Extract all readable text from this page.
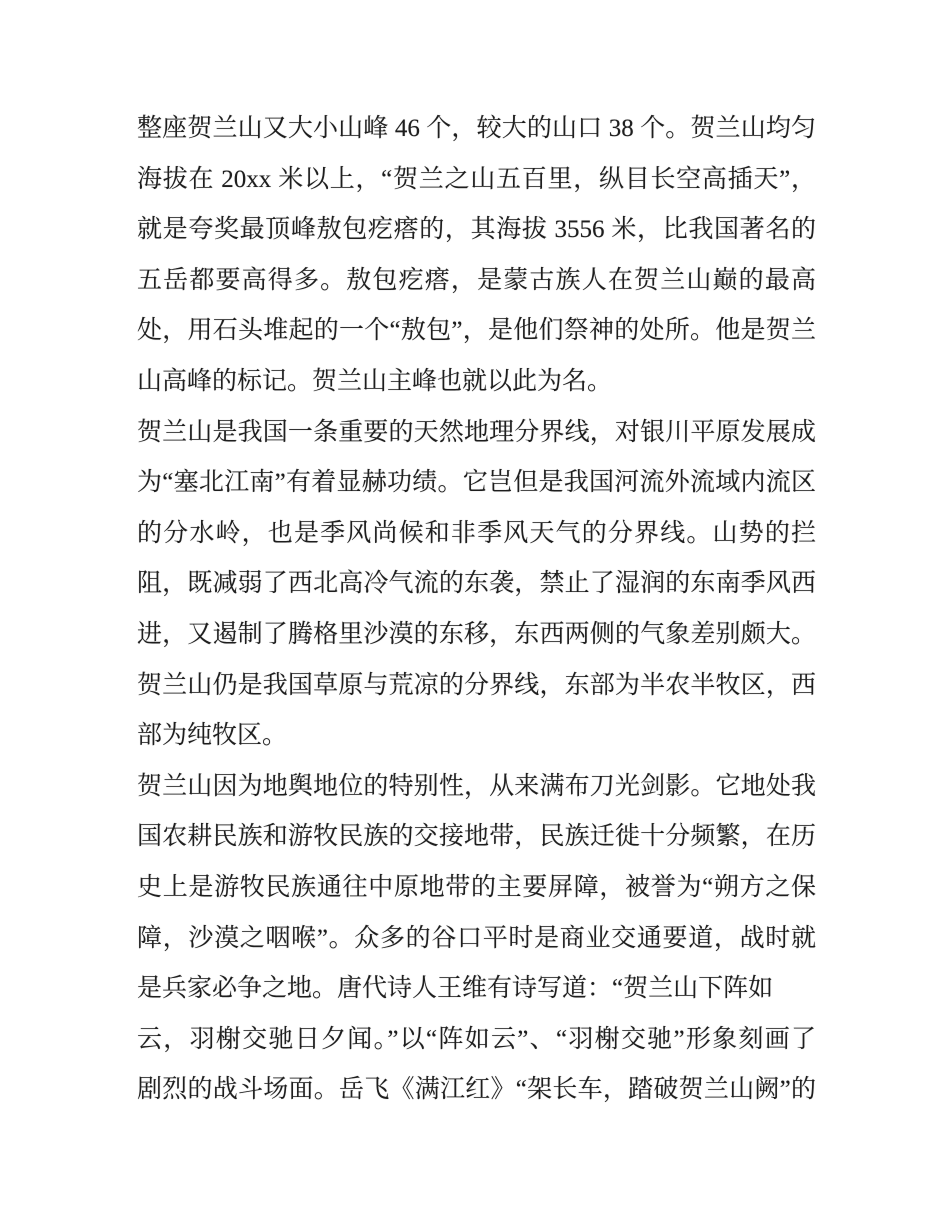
整座贺兰山又大小山峰 46 个，较大的山口 38 个。贺兰山均匀
海拔在 20xx 米以上，“贺兰之山五百里，纵目长空高插天”，
就是夸奖最顶峰敖包疙瘩的，其海拔 3556 米，比我国著名的
五岳都要高得多。敖包疙瘩，是蒙古族人在贺兰山巅的最高
处，用石头堆起的一个“敖包”，是他们祭神的处所。他是贺兰
山高峰的标记。贺兰山主峰也就以此为名。
贺兰山是我国一条重要的天然地理分界线，对银川平原发展成
为“塞北江南”有着显赫功绩。它岂但是我国河流外流域内流区
的分水岭，也是季风尚候和非季风天气的分界线。山势的拦
阻，既减弱了西北高冷气流的东袭，禁止了湿润的东南季风西
进，又遏制了腾格里沙漠的东移，东西两侧的气象差别颇大。
贺兰山仍是我国草原与荒凉的分界线，东部为半农半牧区，西
部为纯牧区。
贺兰山因为地舆地位的特别性，从来满布刀光剑影。它地处我
国农耕民族和游牧民族的交接地带，民族迁徙十分频繁，在历
史上是游牧民族通往中原地带的主要屏障，被誉为“朔方之保
障，沙漠之咽喉”。众多的谷口平时是商业交通要道，战时就
是兵家必争之地。唐代诗人王维有诗写道：“贺兰山下阵如
云，羽榭交驰日夕闻。”以“阵如云”、“羽榭交驰”形象刻画了
剧烈的战斗场面。岳飞《满江红》“架长车，踏破贺兰山阙”的
